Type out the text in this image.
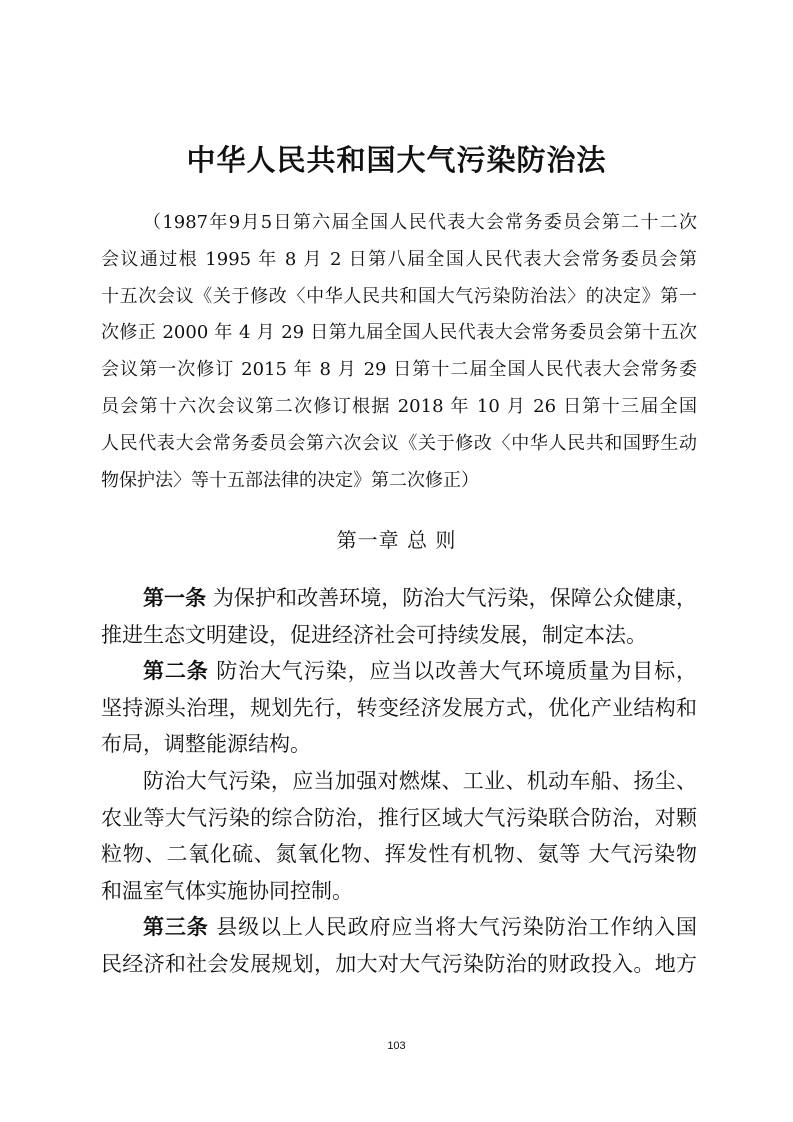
中华人民共和国大气污染防治法
（1987年9月5日第六届全国人民代表大会常务委员会第二十二次
会议通过根 1995 年 8 月 2 日第八届全国人民代表大会常务委员会第
十五次会议《关于修改〈中华人民共和国大气污染防治法〉的决定》第一
次修正 2000 年 4 月 29 日第九届全国人民代表大会常务委员会第十五次
会议第一次修订 2015 年 8 月 29 日第十二届全国人民代表大会常务委
员会第十六次会议第二次修订根据 2018 年 10 月 26 日第十三届全国
人民代表大会常务委员会第六次会议《关于修改〈中华人民共和国野生动
物保护法〉等十五部法律的决定》第二次修正）
第一章 总 则
第一条 为保护和改善环境，防治大气污染，保障公众健康，
推进生态文明建设，促进经济社会可持续发展，制定本法。
第二条 防治大气污染，应当以改善大气环境质量为目标，
坚持源头治理，规划先行，转变经济发展方式，优化产业结构和
布局，调整能源结构。
防治大气污染，应当加强对燃煤、工业、机动车船、扬尘、
农业等大气污染的综合防治，推行区域大气污染联合防治，对颗
粒物、二氧化硫、氮氧化物、挥发性有机物、氨等 大气污染物
和温室气体实施协同控制。
第三条 县级以上人民政府应当将大气污染防治工作纳入国
民经济和社会发展规划，加大对大气污染防治的财政投入。地方
103
